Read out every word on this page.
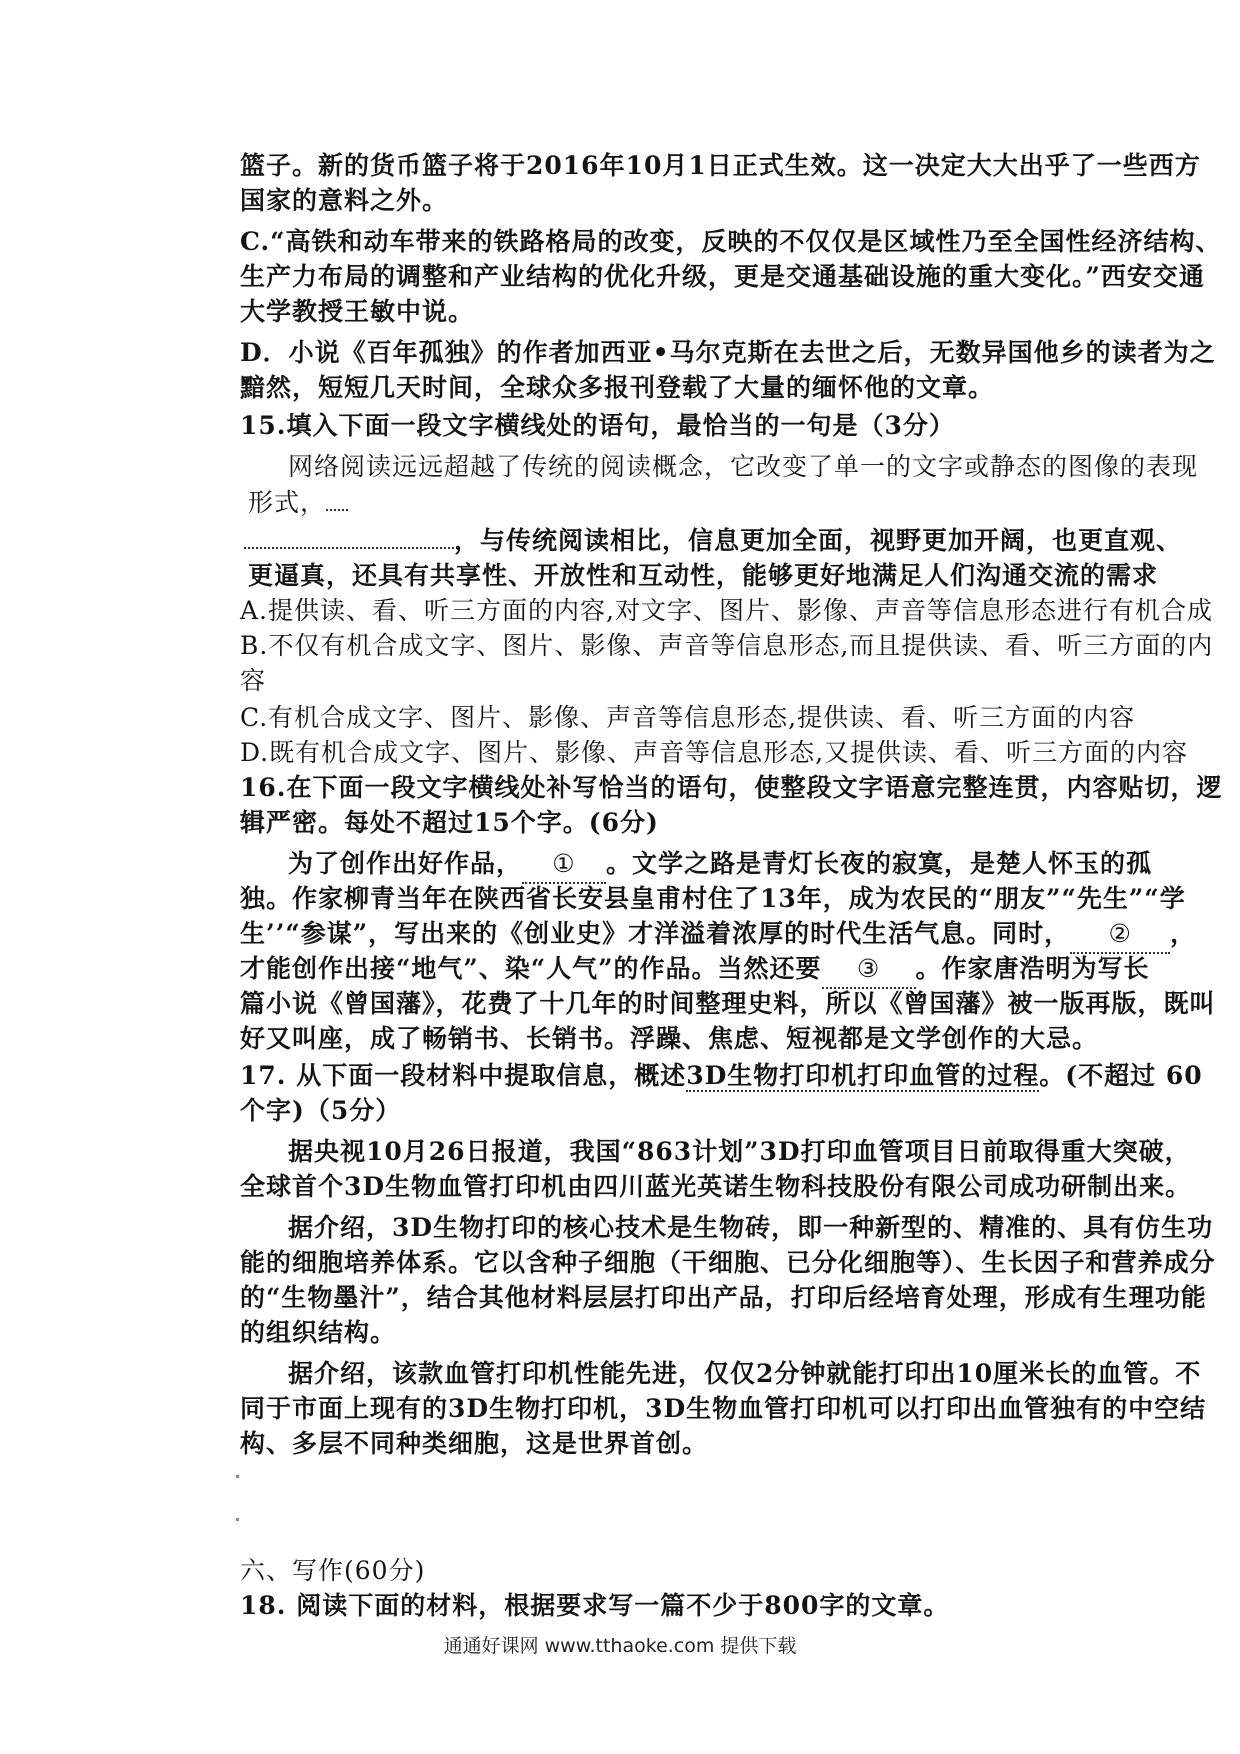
篮子。新的货币篮子将于2016年10月1日正式生效。这一决定大大出乎了一些西方
国家的意料之外。
C.“高铁和动车带来的铁路格局的改变，反映的不仅仅是区域性乃至全国性经济结构、
生产力布局的调整和产业结构的优化升级，更是交通基础设施的重大变化。”西安交通
大学教授王敏中说。
D．小说《百年孤独》的作者加西亚•马尔克斯在去世之后，无数异国他乡的读者为之
黯然，短短几天时间，全球众多报刊登载了大量的缅怀他的文章。
15.填入下面一段文字横线处的语句，最恰当的一句是（3分）
网络阅读远远超越了传统的阅读概念，它改变了单一的文字或静态的图像的表现
形式，
，与传统阅读相比，信息更加全面，视野更加开阔，也更直观、
更逼真，还具有共享性、开放性和互动性，能够更好地满足人们沟通交流的需求
A.提供读、看、听三方面的内容,对文字、图片、影像、声音等信息形态进行有机合成
B.不仅有机合成文字、图片、影像、声音等信息形态,而且提供读、看、听三方面的内
容
C.有机合成文字、图片、影像、声音等信息形态,提供读、看、听三方面的内容
D.既有机合成文字、图片、影像、声音等信息形态,又提供读、看、听三方面的内容
16.在下面一段文字横线处补写恰当的语句，使整段文字语意完整连贯，内容贴切，逻
辑严密。每处不超过15个字。(6分)
为了创作出好作品， ① 。文学之路是青灯长夜的寂寞，是楚人怀玉的孤
独。作家柳青当年在陕西省长安县皇甫村住了13年，成为农民的“朋友”“先生”“学
生’’“参谋”，写出来的《创业史》才洋溢着浓厚的时代生活气息。同时， ② ，
才能创作出接“地气”、染“人气”的作品。当然还要 ③ 。作家唐浩明为写长
篇小说《曾国藩》，花费了十几年的时间整理史料，所以《曾国藩》被一版再版，既叫
好又叫座，成了畅销书、长销书。浮躁、焦虑、短视都是文学创作的大忌。
17. 从下面一段材料中提取信息，概述3D生物打印机打印血管的过程。(不超过 60
个字)（5分）
据央视10月26日报道，我国“863计划”3D打印血管项目日前取得重大突破，
全球首个3D生物血管打印机由四川蓝光英诺生物科技股份有限公司成功研制出来。
据介绍，3D生物打印的核心技术是生物砖，即一种新型的、精准的、具有仿生功
能的细胞培养体系。它以含种子细胞（干细胞、已分化细胞等）、生长因子和营养成分
的“生物墨汁”，结合其他材料层层打印出产品，打印后经培育处理，形成有生理功能
的组织结构。
据介绍，该款血管打印机性能先进，仅仅2分钟就能打印出10厘米长的血管。不
同于市面上现有的3D生物打印机，3D生物血管打印机可以打印出血管独有的中空结
构、多层不同种类细胞，这是世界首创。
六、写作(60分)
18. 阅读下面的材料，根据要求写一篇不少于800字的文章。
通通好课网 www.tthaoke.com 提供下载
